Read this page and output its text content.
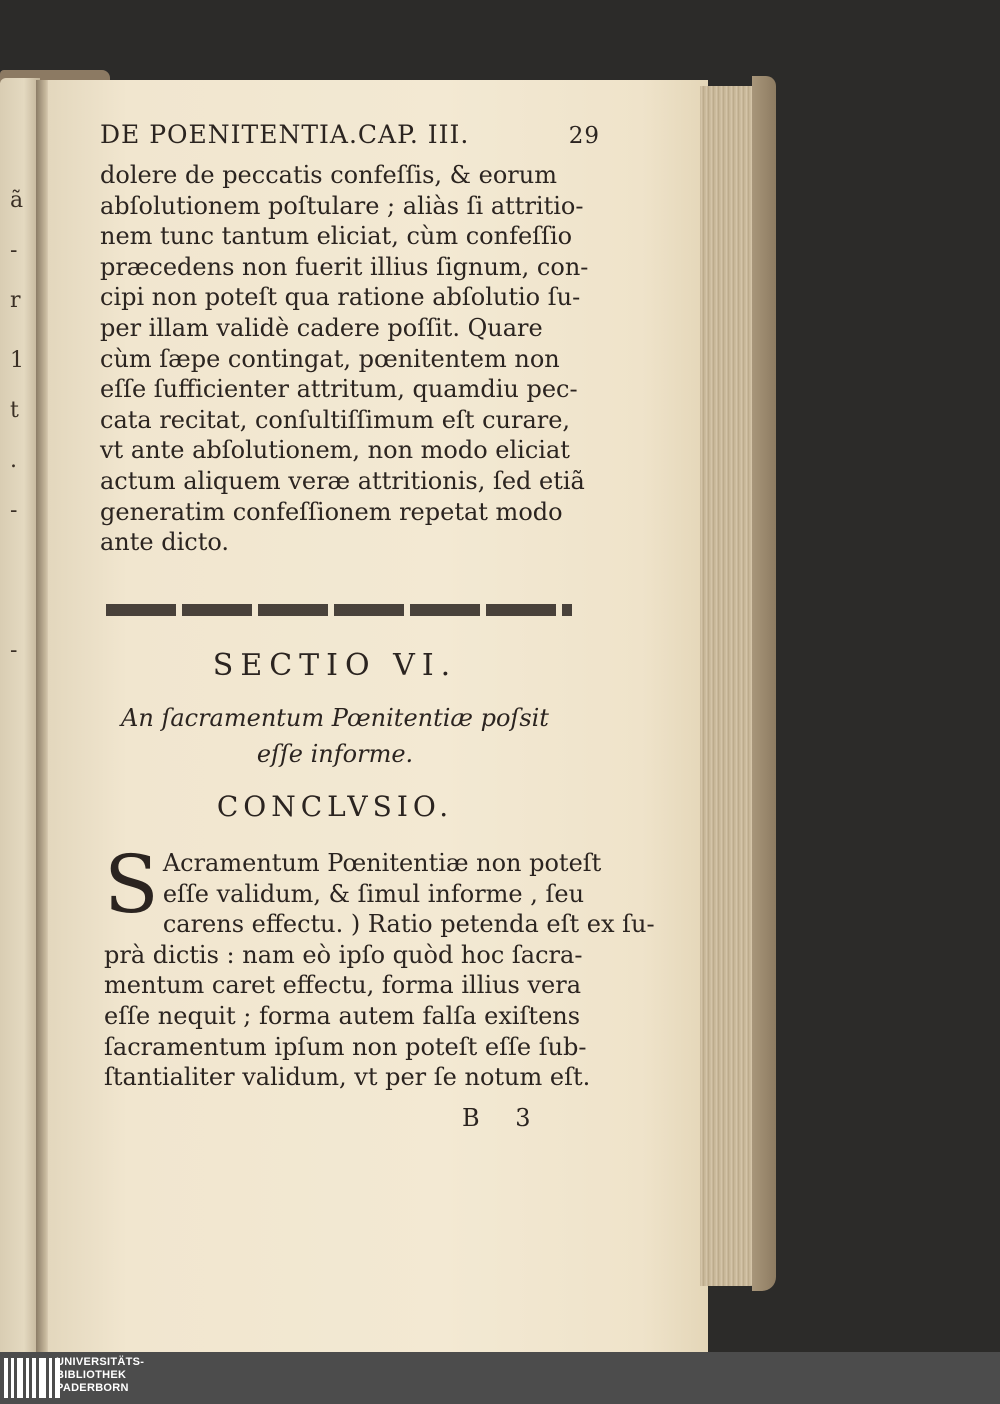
ã
-
r
1
t
.
-
-
DE POENITENTIA.CAP. III.	29

dolere de peccatis confeſſis, & eorum
abſolutionem poſtulare ; aliàs ſi attritio-
nem tunc tantum eliciat, cùm confeſſio
præcedens non fuerit illius ſignum, con-
cipi non poteſt qua ratione abſolutio ſu-
per illam validè cadere poſſit. Quare
cùm ſæpe contingat, pœnitentem non
eſſe ſufficienter attritum, quamdiu pec-
cata recitat, conſultiſſimum eſt curare,
vt ante abſolutionem, non modo eliciat
actum aliquem veræ attritionis, ſed etiã
generatim confeſſionem repetat modo
ante dicto.

SECTIO VI.
An ſacramentum Pœnitentiæ poſsit
eſſe informe.
CONCLVSIO.
S Acramentum Pœnitentiæ non poteſt
eſſe validum, & ſimul informe , ſeu
carens effectu. ) Ratio petenda eſt ex ſu-
prà dictis : nam eò ipſo quòd hoc ſacra-
mentum caret effectu, forma illius vera
eſſe nequit ; forma autem falſa exiſtens
ſacramentum ipſum non poteſt eſſe ſub-
ſtantialiter validum, vt per ſe notum eſt.
B 3
UNIVERSITÄTS-
BIBLIOTHEK
PADERBORN
